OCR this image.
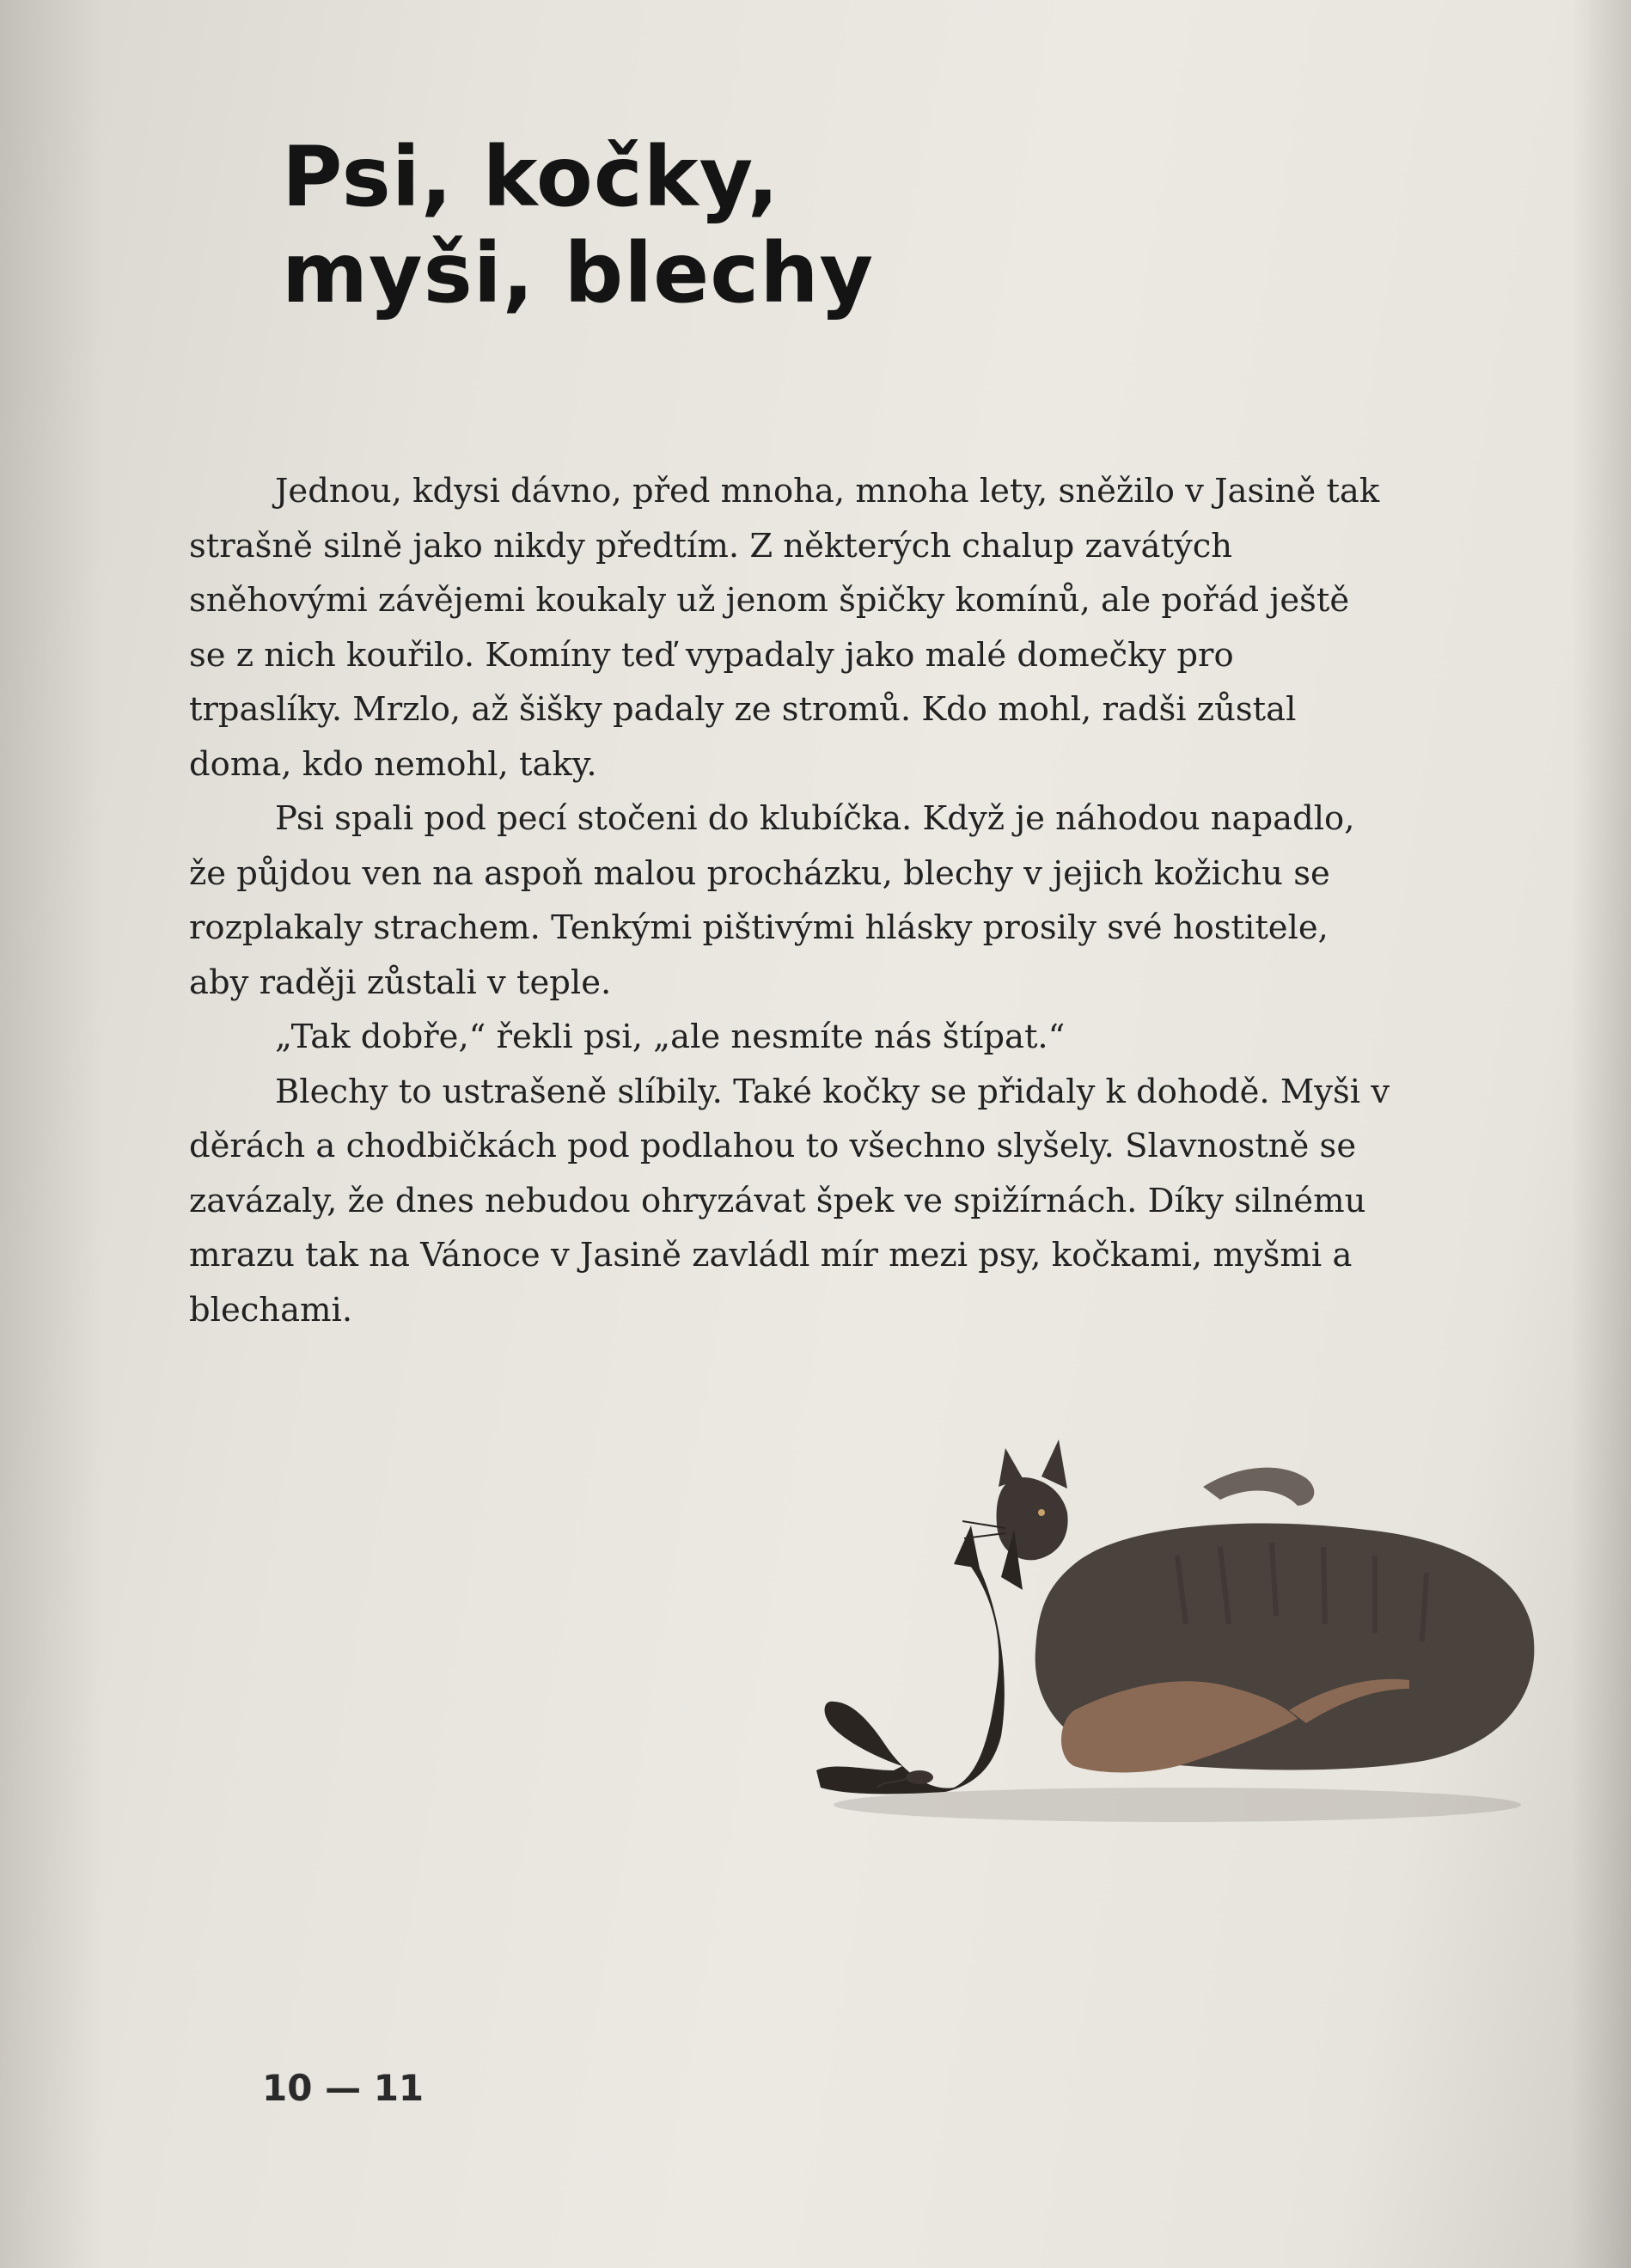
Psi, kočky,
myši, blechy

Jednou, kdysi dávno, před mnoha, mnoha lety, sněžilo v Jasině tak strašně silně jako nikdy předtím. Z některých chalup zavátých sněhovými závějemi koukaly už jenom špičky komínů, ale pořád ještě se z nich kouřilo. Komíny teď vypadaly jako malé domečky pro trpaslíky. Mrzlo, až šišky padaly ze stromů. Kdo mohl, radši zůstal doma, kdo nemohl, taky.

Psi spali pod pecí stočeni do klubíčka. Když je náhodou napadlo, že půjdou ven na aspoň malou procházku, blechy v jejich kožichu se rozplakaly strachem. Tenkými pištivými hlásky prosily své hostitele, aby raději zůstali v teple.

„Tak dobře,“ řekli psi, „ale nesmíte nás štípat.“

Blechy to ustrašeně slíbily. Také kočky se přidaly k dohodě. Myši v děrách a chodbičkách pod podlahou to všechno slyšely. Slavnostně se zavázaly, že dnes nebudou ohryzávat špek ve spižírnách. Díky silnému mrazu tak na Vánoce v Jasině zavládl mír mezi psy, kočkami, myšmi a blechami.

10 — 11
